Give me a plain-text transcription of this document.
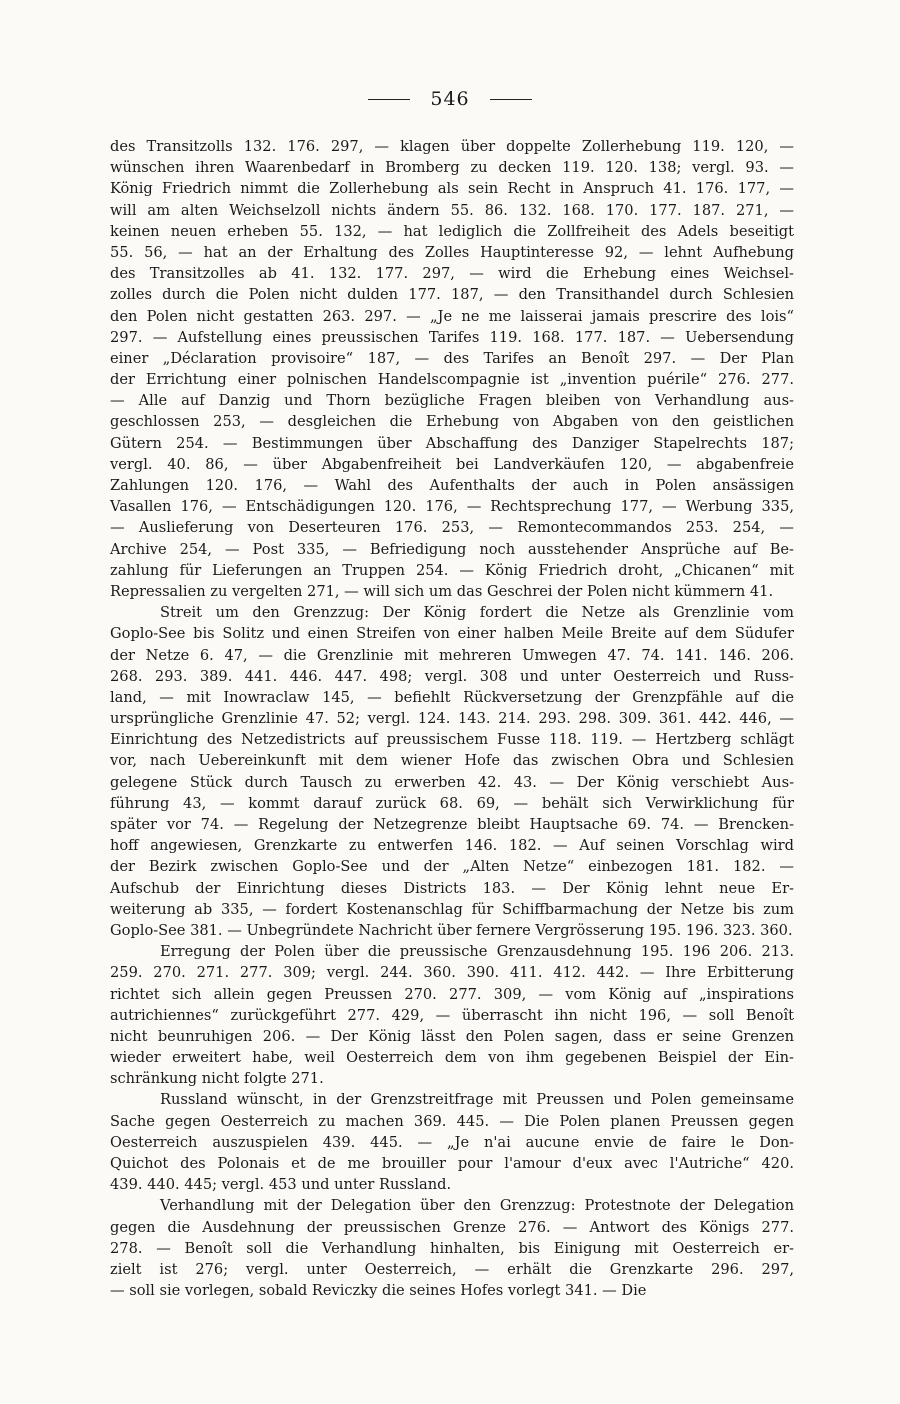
546
des Transitzolls 132. 176. 297, — klagen über doppelte Zollerhebung 119. 120, —
wünschen ihren Waarenbedarf in Bromberg zu decken 119. 120. 138; vergl. 93. —
König Friedrich nimmt die Zollerhebung als sein Recht in Anspruch 41. 176. 177, —
will am alten Weichselzoll nichts ändern 55. 86. 132. 168. 170. 177. 187. 271, —
keinen neuen erheben 55. 132, — hat lediglich die Zollfreiheit des Adels beseitigt
55. 56, — hat an der Erhaltung des Zolles Hauptinteresse 92, — lehnt Aufhebung
des Transitzolles ab 41. 132. 177. 297, — wird die Erhebung eines Weichsel-
zolles durch die Polen nicht dulden 177. 187, — den Transithandel durch Schlesien
den Polen nicht gestatten 263. 297. — „Je ne me laisserai jamais prescrire des lois“
297. — Aufstellung eines preussischen Tarifes 119. 168. 177. 187. — Uebersendung
einer „Déclaration provisoire“ 187, — des Tarifes an Benoît 297. — Der Plan
der Errichtung einer polnischen Handelscompagnie ist „invention puérile“ 276. 277.
— Alle auf Danzig und Thorn bezügliche Fragen bleiben von Verhandlung aus-
geschlossen 253, — desgleichen die Erhebung von Abgaben von den geistlichen
Gütern 254. — Bestimmungen über Abschaffung des Danziger Stapelrechts 187;
vergl. 40. 86, — über Abgabenfreiheit bei Landverkäufen 120, — abgabenfreie
Zahlungen 120. 176, — Wahl des Aufenthalts der auch in Polen ansässigen
Vasallen 176, — Entschädigungen 120. 176, — Rechtsprechung 177, — Werbung 335,
— Auslieferung von Deserteuren 176. 253, — Remontecommandos 253. 254, —
Archive 254, — Post 335, — Befriedigung noch ausstehender Ansprüche auf Be-
zahlung für Lieferungen an Truppen 254. — König Friedrich droht, „Chicanen“ mit
Repressalien zu vergelten 271, — will sich um das Geschrei der Polen nicht kümmern 41.
Streit um den Grenzzug: Der König fordert die Netze als Grenzlinie vom
Goplo-See bis Solitz und einen Streifen von einer halben Meile Breite auf dem Südufer
der Netze 6. 47, — die Grenzlinie mit mehreren Umwegen 47. 74. 141. 146. 206.
268. 293. 389. 441. 446. 447. 498; vergl. 308 und unter Oesterreich und Russ-
land, — mit Inowraclaw 145, — befiehlt Rückversetzung der Grenzpfähle auf die
ursprüngliche Grenzlinie 47. 52; vergl. 124. 143. 214. 293. 298. 309. 361. 442. 446, —
Einrichtung des Netzedistricts auf preussischem Fusse 118. 119. — Hertzberg schlägt
vor, nach Uebereinkunft mit dem wiener Hofe das zwischen Obra und Schlesien
gelegene Stück durch Tausch zu erwerben 42. 43. — Der König verschiebt Aus-
führung 43, — kommt darauf zurück 68. 69, — behält sich Verwirklichung für
später vor 74. — Regelung der Netzegrenze bleibt Hauptsache 69. 74. — Brencken-
hoff angewiesen, Grenzkarte zu entwerfen 146. 182. — Auf seinen Vorschlag wird
der Bezirk zwischen Goplo-See und der „Alten Netze“ einbezogen 181. 182. —
Aufschub der Einrichtung dieses Districts 183. — Der König lehnt neue Er-
weiterung ab 335, — fordert Kostenanschlag für Schiffbarmachung der Netze bis zum
Goplo-See 381. — Unbegründete Nachricht über fernere Vergrösserung 195. 196. 323. 360.
Erregung der Polen über die preussische Grenzausdehnung 195. 196 206. 213.
259. 270. 271. 277. 309; vergl. 244. 360. 390. 411. 412. 442. — Ihre Erbitterung
richtet sich allein gegen Preussen 270. 277. 309, — vom König auf „inspirations
autrichiennes“ zurückgeführt 277. 429, — überrascht ihn nicht 196, — soll Benoît
nicht beunruhigen 206. — Der König lässt den Polen sagen, dass er seine Grenzen
wieder erweitert habe, weil Oesterreich dem von ihm gegebenen Beispiel der Ein-
schränkung nicht folgte 271.
Russland wünscht, in der Grenzstreitfrage mit Preussen und Polen gemeinsame
Sache gegen Oesterreich zu machen 369. 445. — Die Polen planen Preussen gegen
Oesterreich auszuspielen 439. 445. — „Je n'ai aucune envie de faire le Don-
Quichot des Polonais et de me brouiller pour l'amour d'eux avec l'Autriche“ 420.
439. 440. 445; vergl. 453 und unter Russland.
Verhandlung mit der Delegation über den Grenzzug: Protestnote der Delegation
gegen die Ausdehnung der preussischen Grenze 276. — Antwort des Königs 277.
278. — Benoît soll die Verhandlung hinhalten, bis Einigung mit Oesterreich er-
zielt ist 276; vergl. unter Oesterreich, — erhält die Grenzkarte 296. 297,
— soll sie vorlegen, sobald Reviczky die seines Hofes vorlegt 341. — Die
